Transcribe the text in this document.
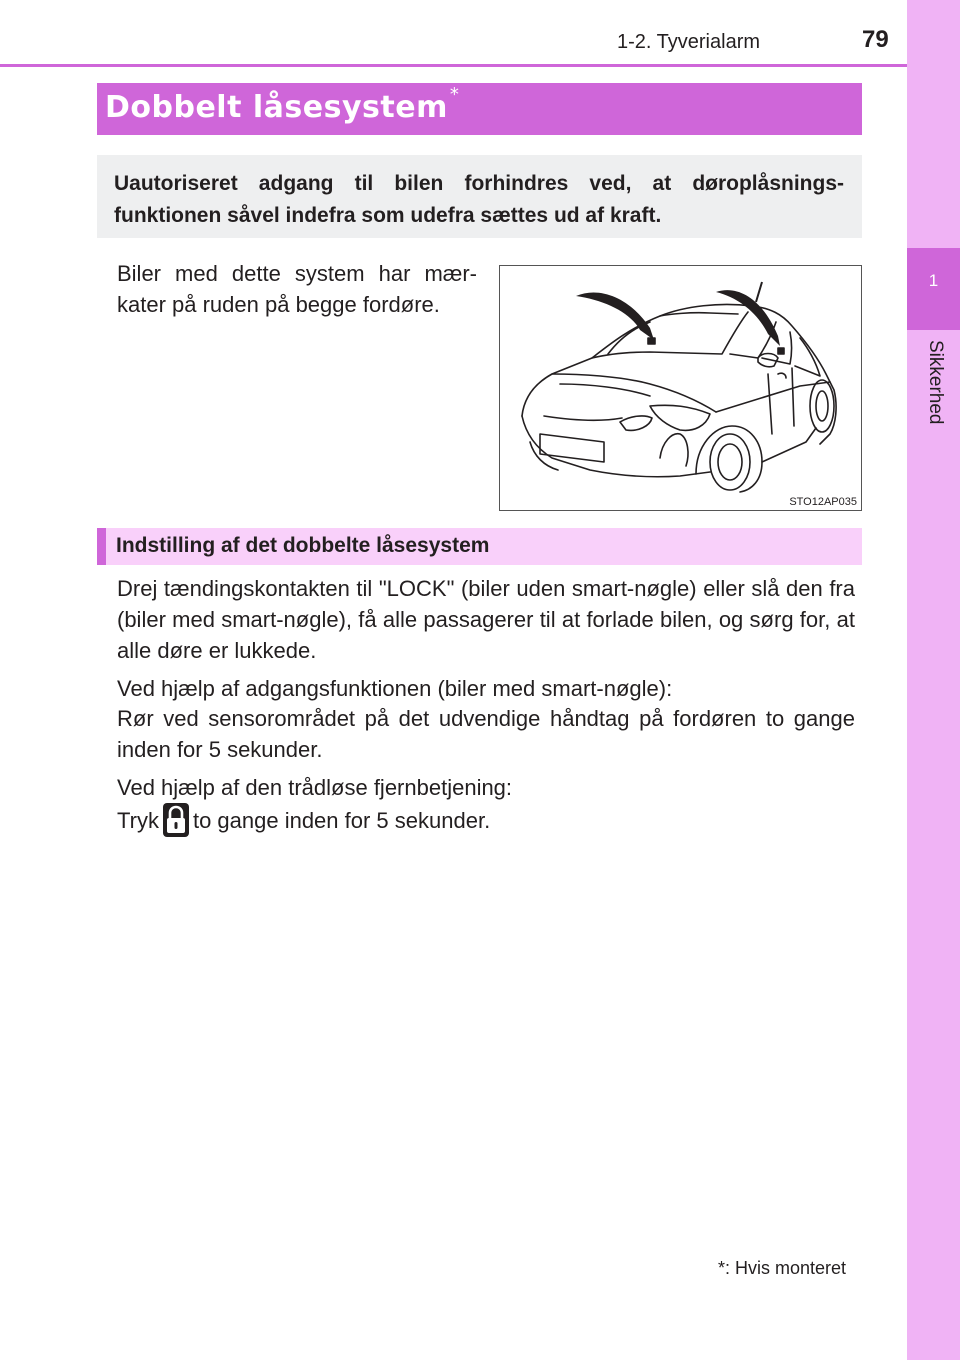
1
Sikkerhed
1-2. Tyverialarm	79
Dobbelt låsesystem *
Uautoriseret adgang til bilen forhindres ved, at døroplåsnings-funktionen såvel indefra som udefra sættes ud af kraft.
Biler med dette system har mær-kater på ruden på begge fordøre.
STO12AP035
Indstilling af det dobbelte låsesystem
Drej tændingskontakten til "LOCK" (biler uden smart-nøgle) eller slå den fra (biler med smart-nøgle), få alle passagerer til at forlade bilen, og sørg for, at alle døre er lukkede.
Ved hjælp af adgangsfunktionen (biler med smart-nøgle):
Rør ved sensorområdet på det udvendige håndtag på fordøren to gange inden for 5 sekunder.
Ved hjælp af den trådløse fjernbetjening:
Tryk to gange inden for 5 sekunder.
*: Hvis monteret
